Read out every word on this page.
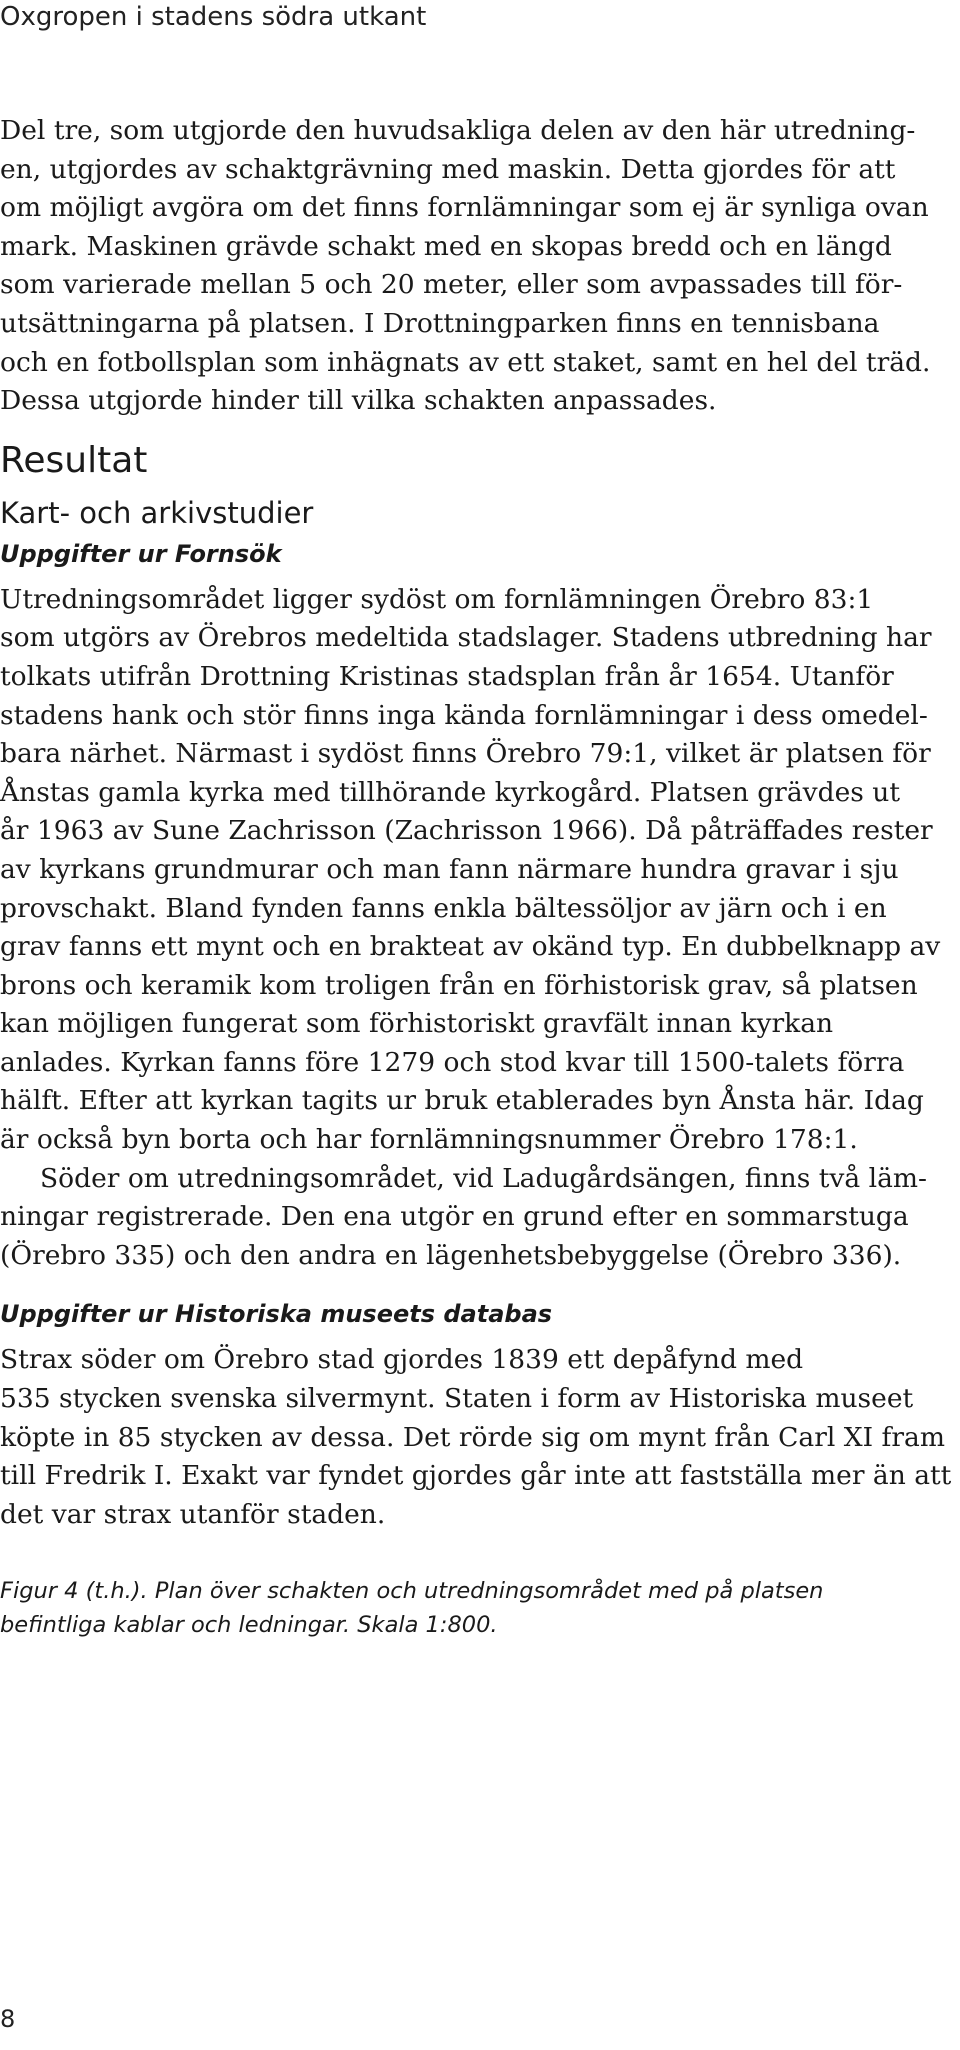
Oxgropen i stadens södra utkant
Del tre, som utgjorde den huvudsakliga delen av den här utredning-
en, utgjordes av schaktgrävning med maskin. Detta gjordes för att
om möjligt avgöra om det finns fornlämningar som ej är synliga ovan
mark. Maskinen grävde schakt med en skopas bredd och en längd
som varierade mellan 5 och 20 meter, eller som avpassades till för-
utsättningarna på platsen. I Drottningparken finns en tennisbana
och en fotbollsplan som inhägnats av ett staket, samt en hel del träd.
Dessa utgjorde hinder till vilka schakten anpassades.
Resultat
Kart- och arkivstudier
Uppgifter ur Fornsök
Utredningsområdet ligger sydöst om fornlämningen Örebro 83:1
som utgörs av Örebros medeltida stadslager. Stadens utbredning har
tolkats utifrån Drottning Kristinas stadsplan från år 1654. Utanför
stadens hank och stör finns inga kända fornlämningar i dess omedel-
bara närhet. Närmast i sydöst finns Örebro 79:1, vilket är platsen för
Ånstas gamla kyrka med tillhörande kyrkogård. Platsen grävdes ut
år 1963 av Sune Zachrisson (Zachrisson 1966). Då påträffades rester
av kyrkans grundmurar och man fann närmare hundra gravar i sju
provschakt. Bland fynden fanns enkla bältessöljor av järn och i en
grav fanns ett mynt och en brakteat av okänd typ. En dubbelknapp av
brons och keramik kom troligen från en förhistorisk grav, så platsen
kan möjligen fungerat som förhistoriskt gravfält innan kyrkan
anlades. Kyrkan fanns före 1279 och stod kvar till 1500-talets förra
hälft. Efter att kyrkan tagits ur bruk etablerades byn Ånsta här. Idag
är också byn borta och har fornlämningsnummer Örebro 178:1.
Söder om utredningsområdet, vid Ladugårdsängen, finns två läm-
ningar registrerade. Den ena utgör en grund efter en sommarstuga
(Örebro 335) och den andra en lägenhetsbebyggelse (Örebro 336).
Uppgifter ur Historiska museets databas
Strax söder om Örebro stad gjordes 1839 ett depåfynd med
535 stycken svenska silvermynt. Staten i form av Historiska museet
köpte in 85 stycken av dessa. Det rörde sig om mynt från Carl XI fram
till Fredrik I. Exakt var fyndet gjordes går inte att fastställa mer än att
det var strax utanför staden.
Figur 4 (t.h.). Plan över schakten och utredningsområdet med på platsen
befintliga kablar och ledningar. Skala 1:800.
8
